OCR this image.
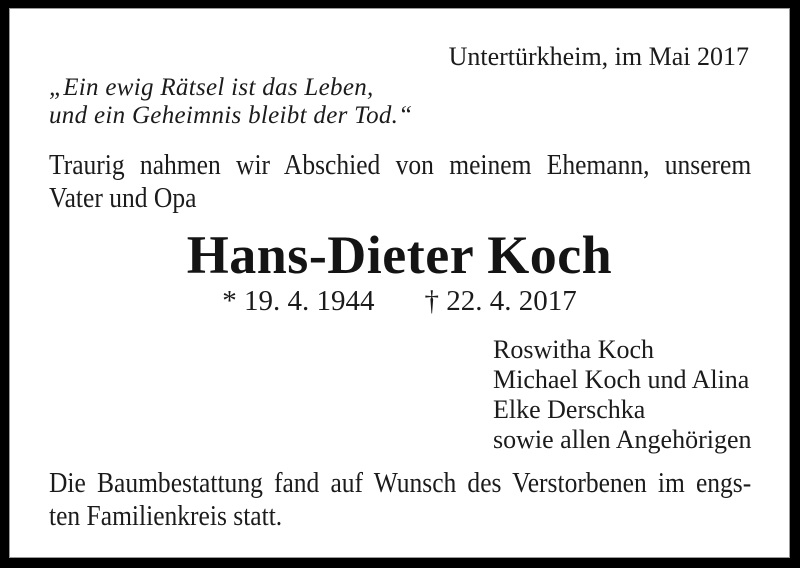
Untertürkheim, im Mai 2017
„Ein ewig Rätsel ist das Leben,
und ein Geheimnis bleibt der Tod.“
Traurig nahmen wir Abschied von meinem Ehemann, unserem
Vater und Opa
Hans-Dieter Koch
* 19. 4. 1944 † 22. 4. 2017
Roswitha Koch
Michael Koch und Alina
Elke Derschka
sowie allen Angehörigen
Die Baumbestattung fand auf Wunsch des Verstorbenen im engs-
ten Familienkreis statt.
